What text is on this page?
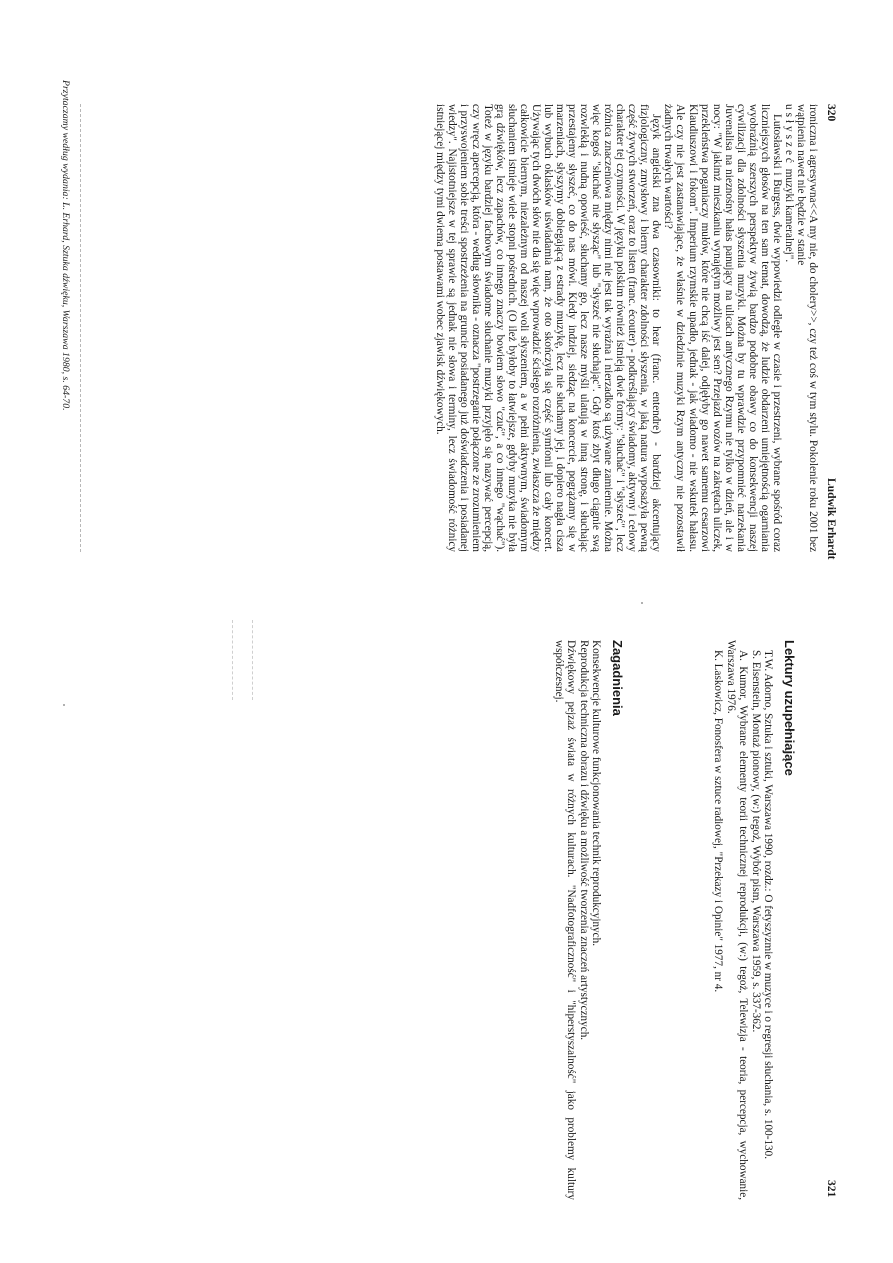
320
Ludwik Erhardt

ironiczna i agresywna<<A my nie, do cholery>>, czy też coś w tym stylu. Pokolenie roku 2001 bez wątpienia nawet nie będzie w stanie

usłyszeć muzyki kameralnej".

Lutosławski i Burgess, dwie wypowiedzi odległe w czasie i przestrzeni, wybrane spośród coraz liczniejszych głosów na ten sam temat, dowodzą, że ludzie obdarzeni umiejętnością ogarniania wyobraźnią szerszych perspektyw żywią bardzo podobne obawy co do konsekwencji naszej cywilizacji dla zdolności słyszenia muzyki. Można by tu wprawdzie przypomnieć narzekania Juvenalisa na nieznośny hałas panujący na ulicach antycznego Rzymu nie tylko w dzień, ale i w nocy: "W jakimż mieszkaniu wynajętym możliwy jest sen? Przejazd wozów na zakrętach uliczek, przekleństwa poganiaczy mułów, które nie chcą iść dalej, odjęłyby go nawet samemu cesarzowi Klaudiuszowi i fokom". Imperium rzymskie upadło, jednak - jak wiadomo - nie wskutek hałasu. Ale czy nie jest zastanawiające, że właśnie w dziedzinie muzyki Rzym antyczny nie pozostawił żadnych trwałych wartości?

Język angielski zna dwa czasowniki: to hear (franc. entendre) - bardziej akcentujący fizjologiczny, zmysłowy i bierny charakter zdolności słyszenia, w jaką natura wyposażyła pewną część żywych stworzeń, oraz to listen (franc. écouter) - podkreślający świadomy, aktywny i celowy charakter tej czynności. W języku polskim również istnieją dwie formy: "słuchać" i "słyszeć", lecz różnica znaczeniowa między nimi nie jest tak wyraźna i nierzadko są używane zamiennie. Można więc kogoś "słuchać nie słysząc" lub "słyszeć nie słuchając". Gdy ktoś zbyt długo ciągnie swą rozwlekłą i nudną opowieść, słuchamy go, lecz nasze myśli ulatują w inną stronę, i słuchając przestajemy słyszeć, co do nas mówi. Kiedy indziej, siedząc na koncercie, pogrążamy się w marzeniach, słyszymy dobiegającą z estrady muzykę, lecz nie słuchamy jej, i dopiero nagła cisza lub wybuch oklasków uświadamia nam, że oto skończyła się część symfonii lub cały koncert. Używając tych dwóch słów nie da się więc wprowadzić ścisłego rozróżnienia, zwłaszcza że między całkowicie biernym, niezależnym od naszej woli słyszeniem, a w pełni aktywnym, świadomym słuchaniem istnieje wiele stopni pośrednich. (O ileż byłoby to łatwiejsze, gdyby muzyka nie była grą dźwięków, lecz zapachów, co innego znaczy bowiem słowo "czuć", a co innego "wąchać"). Toteż w języku bardziej fachowym świadome słuchanie muzyki przyjęło się nazywać percepcją, czy wręcz apercepcją, która - według słownika - oznacza "postrzeganie połączone ze zrozumieniem i przyswojeniem sobie treści spostrzeżenia na gruncie posiadanego już doświadczenia i posiadanej wiedzy". Najistotniejsze w tej sprawie są jednak nie słowa i terminy, lecz świadomość różnicy istniejącej między tymi dwiema postawami wobec zjawisk dźwiękowych.

Przytaczamy według wydania: L. Erhard, Sztuka dźwięku, Warszawa 1980, s. 64-70.
321
Lektury uzupełniające

T.W. Adorno, Sztuka i sztuki, Warszawa 1990, rozdz.: O fetyszyzmie w muzyce i o regresji słuchania, s. 100-130.

S. Eisenstein, Montaż pionowy, (w:) tegoż, Wybór pism, Warszawa 1959, s. 337-362.

A. Kumor, Wybrane elementy teorii technicznej reprodukcji, (w:) tegoż, Telewizja - teoria, percepcja, wychowanie, Warszawa 1976.

K. Laskowicz, Fonosfera w sztuce radiowej, "Przekazy i Opinie" 1977, nr 4.

Zagadnienia

Konsekwencje kulturowe funkcjonowania technik reprodukcyjnych.

Reprodukcja techniczna obrazu i dźwięku a możliwość tworzenia znaczeń artystycznych.

Dźwiękowy pejzaż świata w różnych kulturach. "Nadfotograficzność" i "hiperstyszalność" jako problemy kultury współczesnej.
